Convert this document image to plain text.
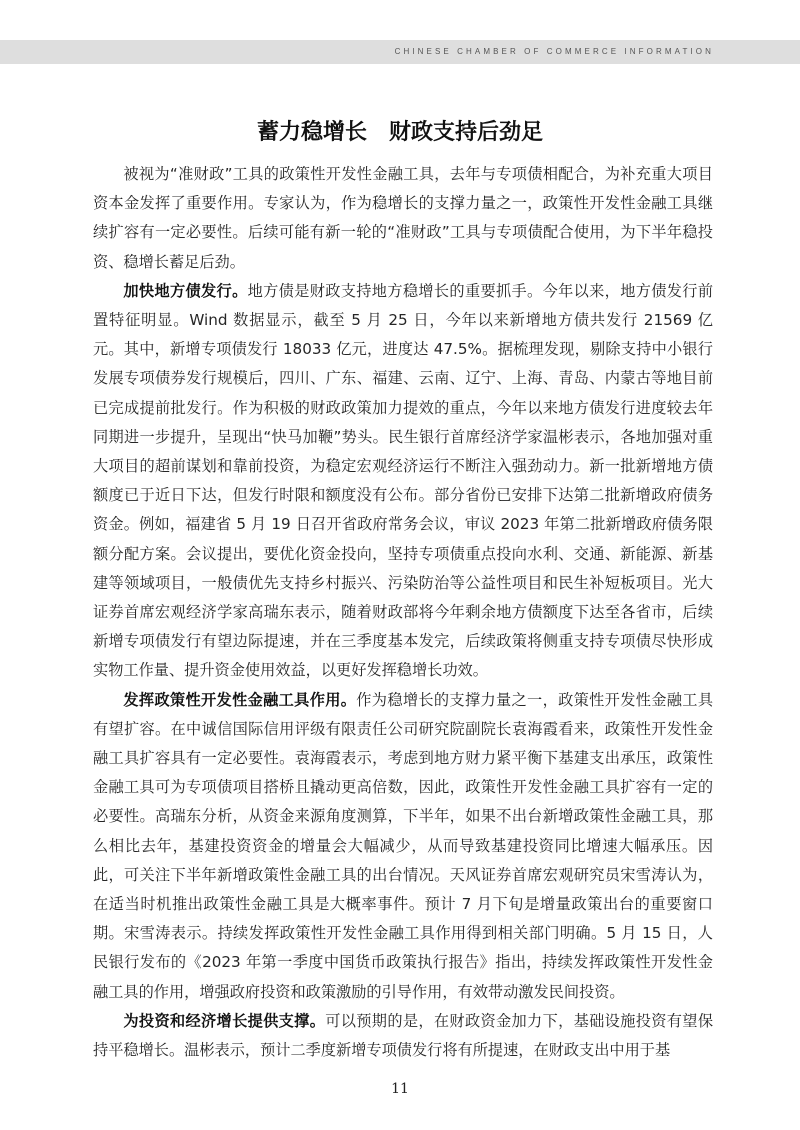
CHINESE CHAMBER OF COMMERCE INFORMATION
蓄力稳增长　财政支持后劲足

被视为“准财政”工具的政策性开发性金融工具，去年与专项债相配合，为补充重大项目资本金发挥了重要作用。专家认为，作为稳增长的支撑力量之一，政策性开发性金融工具继续扩容有一定必要性。后续可能有新一轮的“准财政”工具与专项债配合使用，为下半年稳投资、稳增长蓄足后劲。

加快地方债发行。地方债是财政支持地方稳增长的重要抓手。今年以来，地方债发行前置特征明显。Wind 数据显示，截至 5 月 25 日，今年以来新增地方债共发行 21569 亿元。其中，新增专项债发行 18033 亿元，进度达 47.5%。据梳理发现，剔除支持中小银行发展专项债券发行规模后，四川、广东、福建、云南、辽宁、上海、青岛、内蒙古等地目前已完成提前批发行。作为积极的财政政策加力提效的重点，今年以来地方债发行进度较去年同期进一步提升，呈现出“快马加鞭”势头。民生银行首席经济学家温彬表示，各地加强对重大项目的超前谋划和靠前投资，为稳定宏观经济运行不断注入强劲动力。新一批新增地方债额度已于近日下达，但发行时限和额度没有公布。部分省份已安排下达第二批新增政府债务资金。例如，福建省 5 月 19 日召开省政府常务会议，审议 2023 年第二批新增政府债务限额分配方案。会议提出，要优化资金投向，坚持专项债重点投向水利、交通、新能源、新基建等领域项目，一般债优先支持乡村振兴、污染防治等公益性项目和民生补短板项目。光大证券首席宏观经济学家高瑞东表示，随着财政部将今年剩余地方债额度下达至各省市，后续新增专项债发行有望边际提速，并在三季度基本发完，后续政策将侧重支持专项债尽快形成实物工作量、提升资金使用效益，以更好发挥稳增长功效。

发挥政策性开发性金融工具作用。作为稳增长的支撑力量之一，政策性开发性金融工具有望扩容。在中诚信国际信用评级有限责任公司研究院副院长袁海霞看来，政策性开发性金融工具扩容具有一定必要性。袁海霞表示，考虑到地方财力紧平衡下基建支出承压，政策性金融工具可为专项债项目搭桥且撬动更高倍数，因此，政策性开发性金融工具扩容有一定的必要性。高瑞东分析，从资金来源角度测算，下半年，如果不出台新增政策性金融工具，那么相比去年，基建投资资金的增量会大幅减少，从而导致基建投资同比增速大幅承压。因此，可关注下半年新增政策性金融工具的出台情况。天风证券首席宏观研究员宋雪涛认为，在适当时机推出政策性金融工具是大概率事件。预计 7 月下旬是增量政策出台的重要窗口期。宋雪涛表示。持续发挥政策性开发性金融工具作用得到相关部门明确。5 月 15 日，人民银行发布的《2023 年第一季度中国货币政策执行报告》指出，持续发挥政策性开发性金融工具的作用，增强政府投资和政策激励的引导作用，有效带动激发民间投资。

为投资和经济增长提供支撑。可以预期的是，在财政资金加力下，基础设施投资有望保持平稳增长。温彬表示，预计二季度新增专项债发行将有所提速，在财政支出中用于基

11
